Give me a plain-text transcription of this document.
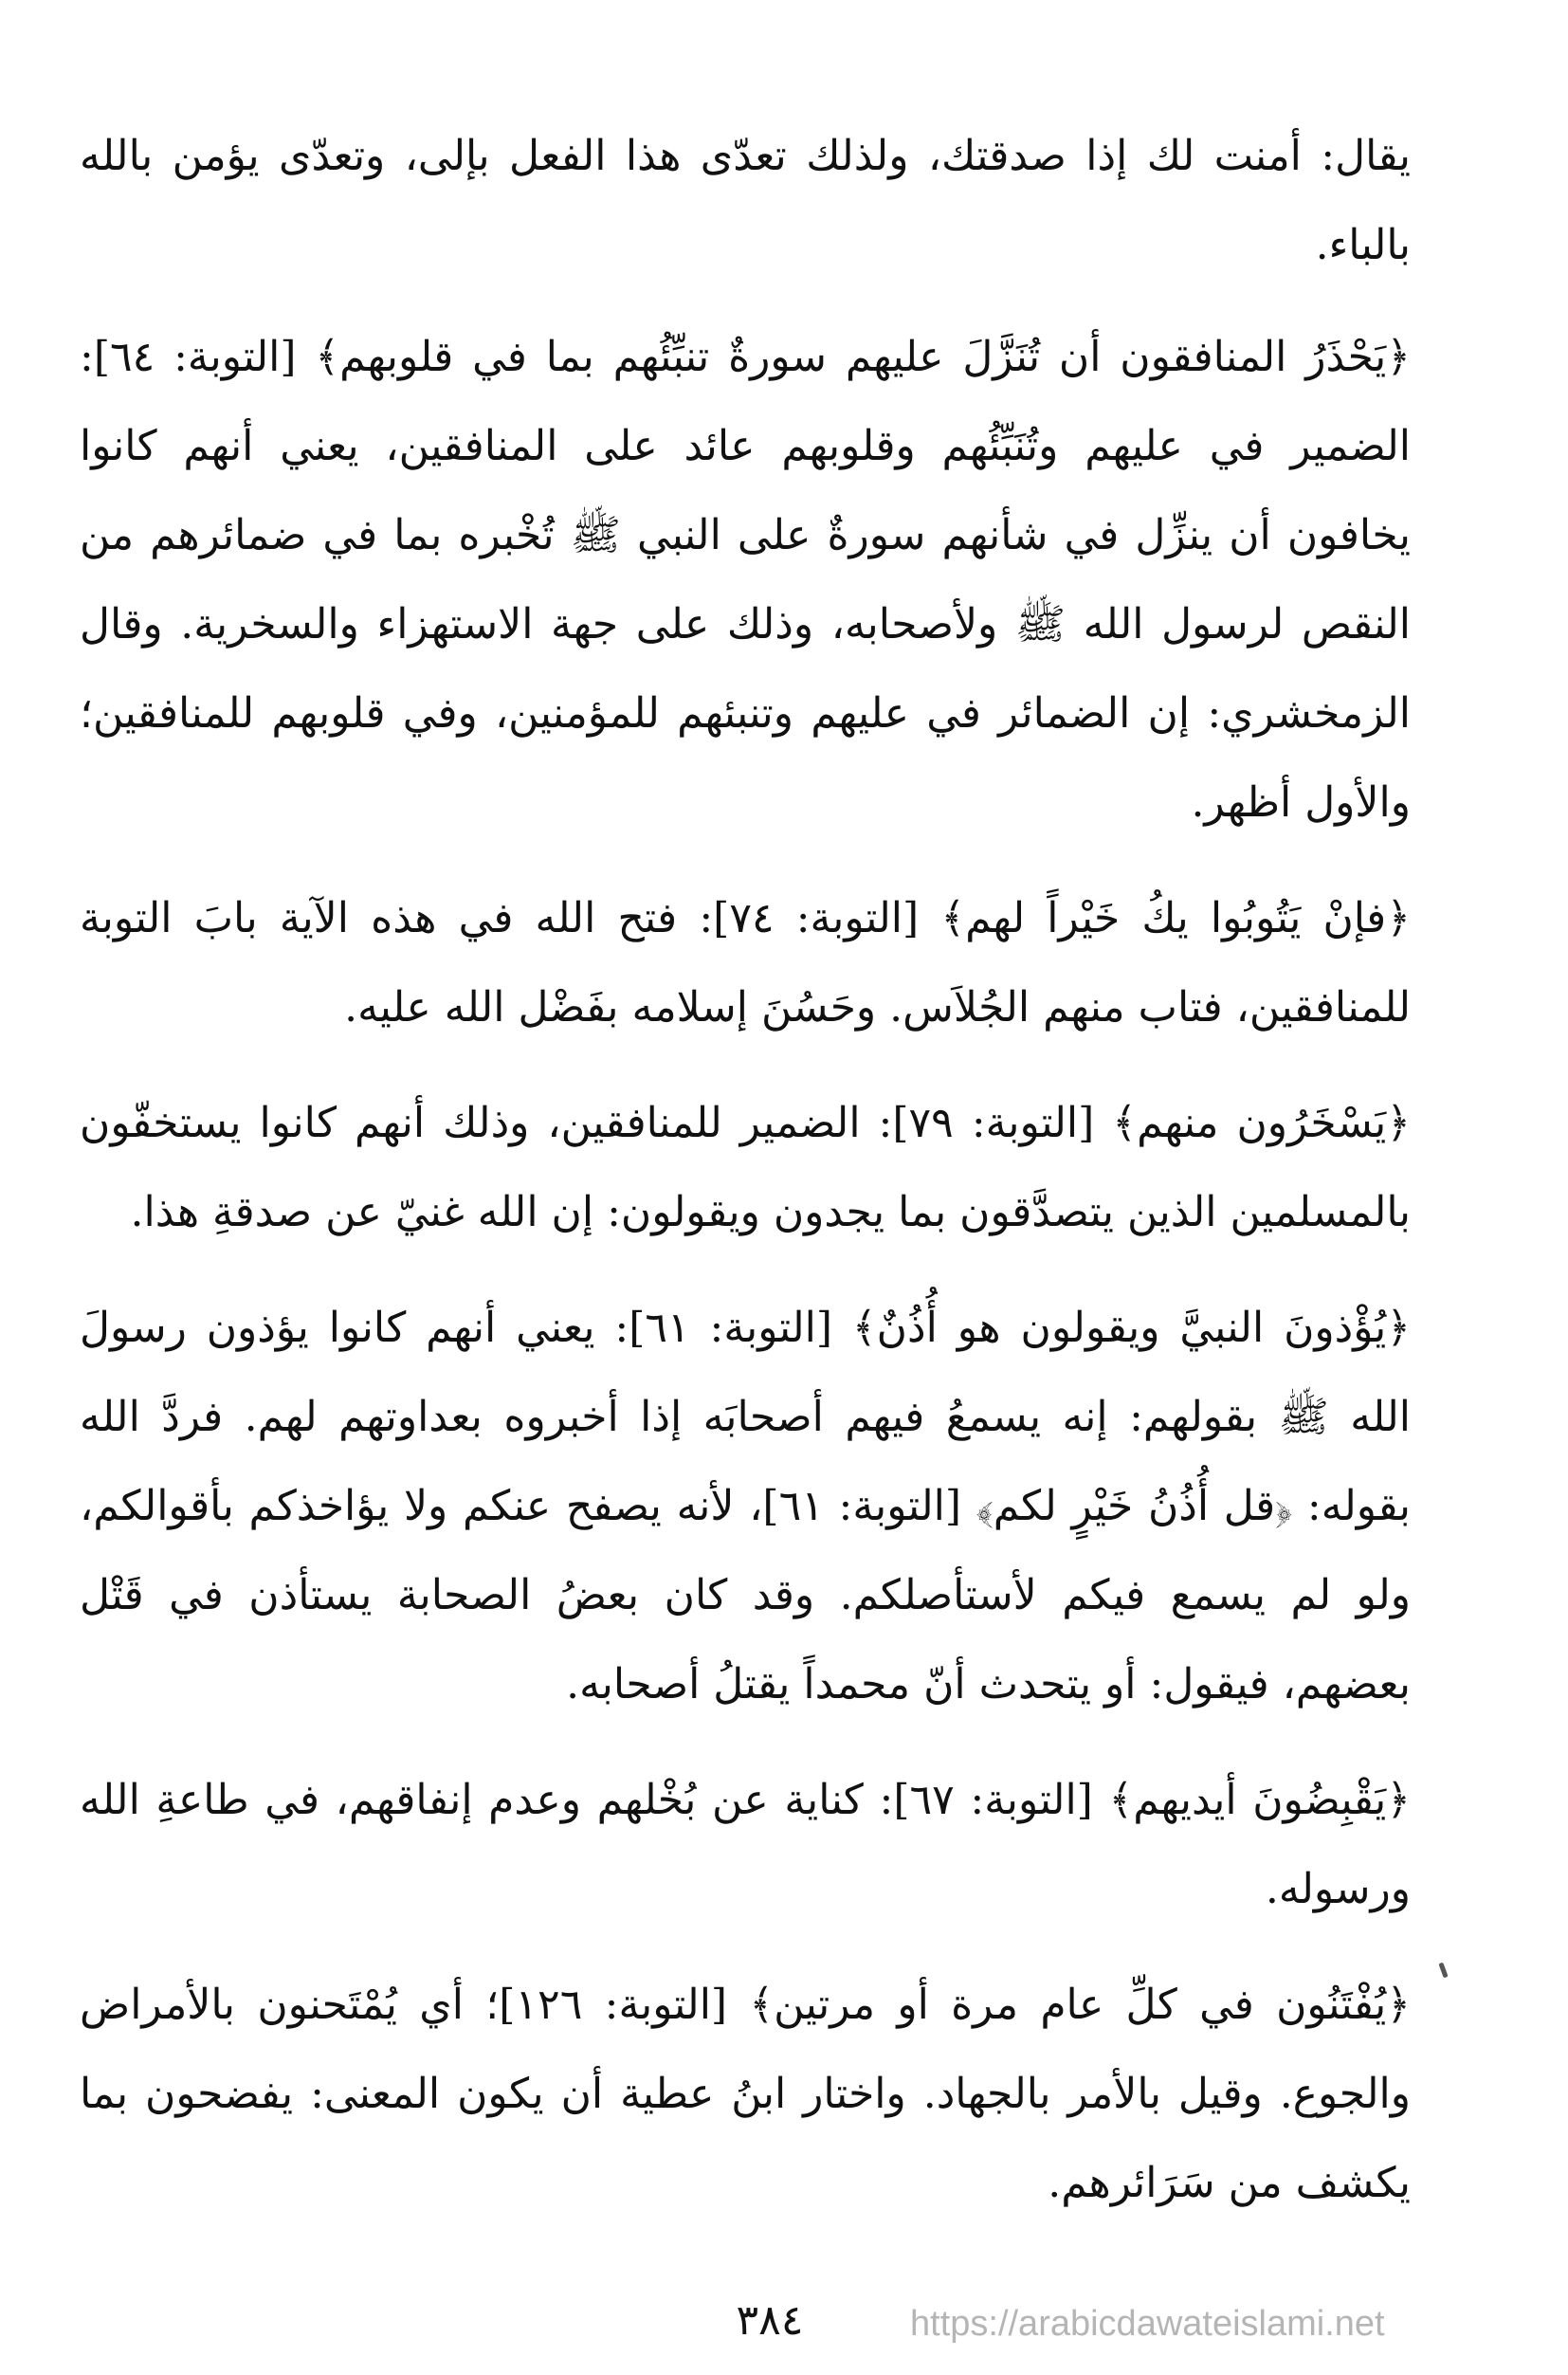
يقال: أمنت لك إذا صدقتك، ولذلك تعدّى هذا الفعل بإلى، وتعدّى يؤمن بالله بالباء.

﴿يَحْذَرُ المنافقون أن تُنَزَّلَ عليهم سورةٌ تنبِّئُهم بما في قلوبهم﴾ [التوبة: ٦٤]: الضمير في عليهم وتُنَبِّئُهم وقلوبهم عائد على المنافقين، يعني أنهم كانوا يخافون أن ينزِّل في شأنهم سورةٌ على النبي ﷺ تُخْبره بما في ضمائرهم من النقص لرسول الله ﷺ ولأصحابه، وذلك على جهة الاستهزاء والسخرية. وقال الزمخشري: إن الضمائر في عليهم وتنبئهم للمؤمنين، وفي قلوبهم للمنافقين؛ والأول أظهر.

﴿فإنْ يَتُوبُوا يكُ خَيْراً لهم﴾ [التوبة: ٧٤]: فتح الله في هذه الآية بابَ التوبة للمنافقين، فتاب منهم الجُلاَس. وحَسُنَ إسلامه بفَضْل الله عليه.

﴿يَسْخَرُون منهم﴾ [التوبة: ٧٩]: الضمير للمنافقين، وذلك أنهم كانوا يستخفّون بالمسلمين الذين يتصدَّقون بما يجدون ويقولون: إن الله غنيّ عن صدقةِ هذا.

﴿يُؤْذونَ النبيَّ ويقولون هو أُذُنٌ﴾ [التوبة: ٦١]: يعني أنهم كانوا يؤذون رسولَ الله ﷺ بقولهم: إنه يسمعُ فيهم أصحابَه إذا أخبروه بعداوتهم لهم. فردَّ الله بقوله: ﴿قل أُذُنُ خَيْرٍ لكم﴾ [التوبة: ٦١]، لأنه يصفح عنكم ولا يؤاخذكم بأقوالكم، ولو لم يسمع فيكم لأستأصلكم. وقد كان بعضُ الصحابة يستأذن في قَتْل بعضهم، فيقول: أو يتحدث أنّ محمداً يقتلُ أصحابه.

﴿يَقْبِضُونَ أيديهم﴾ [التوبة: ٦٧]: كناية عن بُخْلهم وعدم إنفاقهم، في طاعةِ الله ورسوله.

﴿يُفْتَنُون في كلِّ عام مرة أو مرتين﴾ [التوبة: ١٢٦]؛ أي يُمْتَحنون بالأمراض والجوع. وقيل بالأمر بالجهاد. واختار ابنُ عطية أن يكون المعنى: يفضحون بما يكشف من سَرَائرهم.

٣٨٤	https://arabicdawateislami.net
